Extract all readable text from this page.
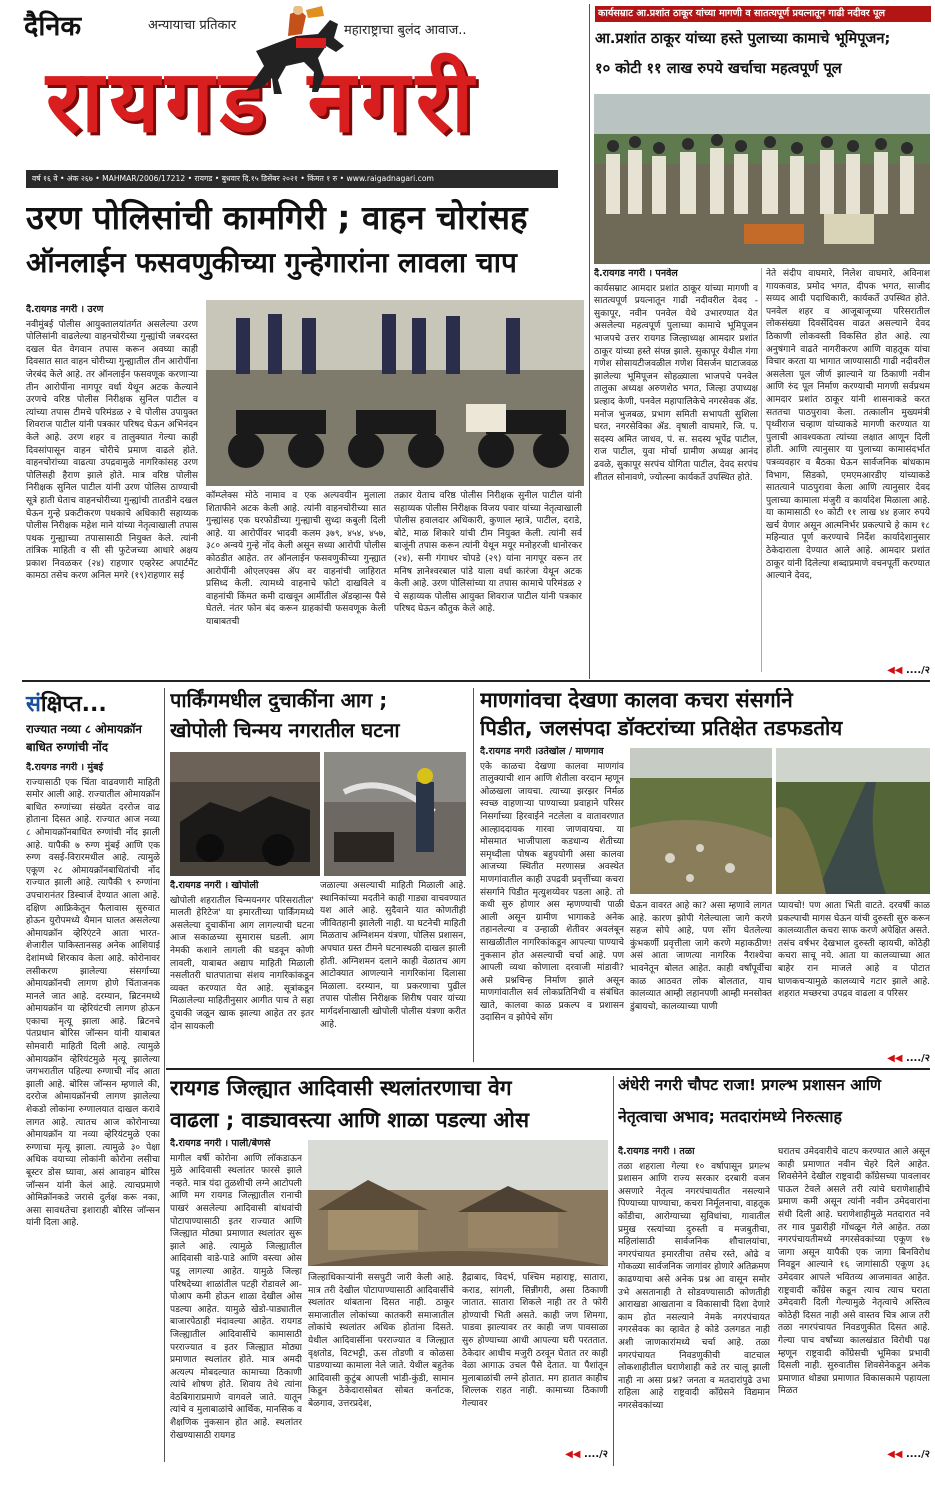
दैनिक	अन्यायाचा प्रतिकार	महाराष्ट्राचा बुलंद आवाज..
रायगड नगरी
वर्ष १६ वे • अंक २६७ • MAHMAR/2006/17212 • रायगड • बुधवार दि.१५ डिसेंबर २०२१ • किंमत १ रु • www.raigadnagari.com
कार्यसम्राट आ.प्रशांत ठाकूर यांच्या मागणी व सातत्यपूर्ण प्रयत्नातून गाढी नदीवर पूल
आ.प्रशांत ठाकूर यांच्या हस्ते पुलाच्या कामाचे भूमिपूजन;
१० कोटी ११ लाख रुपये खर्चाचा महत्वपूर्ण पूल
दै.रायगड नगरी । पनवेल
कार्यसम्राट आमदार प्रशांत ठाकूर यांच्या मागणी व सातत्यपूर्ण प्रयत्नातून गाढी नदीवरील देवद - सुकापूर, नवीन पनवेल येथे उभारण्यात येत असलेल्या महत्वपूर्ण पुलाच्या कामाचे भूमिपूजन भाजपचे उत्तर रायगड जिल्हाध्यक्ष आमदार प्रशांत ठाकूर यांच्या हस्ते संपन्न झाले. सुकापूर येथील गंगा गणेश सोसायटीजवळील गणेश विसर्जन घाटाजवळ झालेल्या भूमिपूजन सोहळ्याला भाजपचे पनवेल तालुका अध्यक्ष अरुणशेठ भगत, जिल्हा उपाध्यक्ष प्रल्हाद केणी, पनवेल महापालिकेचे नगरसेवक ॲड. मनोज भुजबळ, प्रभाग समिती सभापती सुशिला घरत, नगरसेविका ॲड. वृषाली वाघमारे, जि. प. सदस्य अमित जाधव, पं. स. सदस्य भूपेंद्र पाटील, राज पाटील, युवा मोर्चा ग्रामीण अध्यक्ष आनंद ढवळे, सुकापूर सरपंच योगिता पाटील, देवद सरपंच शीतल सोनावणे, ज्योत्स्ना कार्यकर्ते उपस्थित होते.
नेते संदीप वाघमारे, निलेश वाघमारे, अविनाश गायकवाड, प्रमोद भगत, दीपक भगत, साजीद सय्यद आदी पदाधिकारी, कार्यकर्ते उपस्थित होते. पनवेल शहर व आजूबाजूच्या परिसरातील लोकसंख्या दिवसेंदिवस वाढत असल्याने देवद ठिकाणी लोकवस्ती विकसित होत आहे. त्या अनुषंगाने वाढते नागरीकरण आणि वाहतूक यांचा विचार करता या भागात जाण्यासाठी गाढी नदीवरील असलेला पूल जीर्ण झाल्याने या ठिकाणी नवीन आणि रुंद पूल निर्माण करण्याची मागणी सर्वप्रथम आमदार प्रशांत ठाकूर यांनी शासनाकडे करत सततचा पाठपुरावा केला. तत्कालीन मुख्यमंत्री पृथ्वीराज चव्हाण यांच्याकडे मागणी करण्यात या पुलाची आवश्यकता त्यांच्या लक्षात आणून दिली होती. आणि त्यानुसार या पुलाच्या कामासंदर्भात पत्रव्यवहार व बैठका घेऊन सार्वजनिक बांधकाम विभाग, सिडको, एमएमआरडीए यांच्याकडे सातत्याने पाठपुरावा केला आणि त्यानुसार देवद पुलाच्या कामाला मंजुरी व कार्यादेश मिळाला आहे. या कामासाठी १० कोटी ११ लाख ४४ हजार रुपये खर्च येणार असून आत्मनिर्भर प्रकल्पाचे हे काम १८ महिन्यात पूर्ण करण्याचे निर्देश कार्यादेशानुसार ठेकेदाराला देण्यात आले आहे. आमदार प्रशांत ठाकूर यांनी दिलेल्या शब्दाप्रमाणे वचनपूर्ती करण्यात आल्याने देवद,
◀◀ ..../२
उरण पोलिसांची कामगिरी ; वाहन चोरांसह
ऑनलाईन फसवणुकीच्या गुन्हेगारांना लावला चाप
दै.रायगड नगरी । उरण
नवीमुंबई पोलीस आयुक्तालयांतर्गत असलेल्या उरण पोलिसांनी वाढलेल्या वाहनचोरीच्या गुन्ह्यांची जबरदस्त दखल घेत वेगवान तपास करून अवघ्या काही दिवसात सात वाहन चोरीच्या गुन्ह्यातील तीन आरोपींना जेरबंद केले आहे. तर ऑनलाईन फसवणूक करणाऱ्या तीन आरोपींना नागपूर वर्धा येथून अटक केल्याने उरणचे वरिष्ठ पोलीस निरीक्षक सुनिल पाटील व त्यांच्या तपास टीमचे परिमंडळ २ चे पोलीस उपायुक्त शिवराज पाटील यांनी पत्रकार परिषद घेऊन अभिनंदन केले आहे. उरण शहर व तालुक्यात गेल्या काही दिवसांपासून वाहन चोरीचे प्रमाण वाढले होते. वाहनचोरांच्या वाढत्या उपद्रवामुळे नागरिकांसह उरण पोलिसही हैराण झाले होते. मात्र वरिष्ठ पोलीस निरीक्षक सुनिल पाटील यांनी उरण पोलिस ठाण्याची सूत्रे हाती घेताच वाहनचोरीच्या गुन्ह्यांची तातडीने दखल घेऊन गुन्हे प्रकटीकरण पथकाचे अधिकारी सहाय्यक पोलीस निरीक्षक महेश माने यांच्या नेतृत्वाखाली तपास पथक गुन्ह्याच्या तपासासाठी नियुक्त केले. त्यांनी तांत्रिक माहिती व सी सी फुटेजच्या आधारे अक्षय प्रकाश निवळकर (२४) राहणार एव्हरेस्ट अपार्टमेंट कामठा तसेच करण अनिल मगरे (१९)राहणार सई
कॉम्प्लेक्स मोठे नामाव व एक अल्पवयीन मुलाला शिताफीने अटक केली आहे. त्यांनी वाहनचोरीच्या सात गुन्ह्यांसह एक घरफोडीच्या गुन्ह्याची सुध्दा कबुली दिली आहे. या आरोपींवर भादवी कलम ३७९, ४५४, ४५७, ३८० अन्वये गुन्हे नोंद केली असून सध्या आरोपी पोलीस कोठडीत आहेत. तर ऑनलाईन फसवणुकीच्या गुन्ह्यात आरोपींनी ओएलएक्स ॲप वर वाहनांची जाहिरात प्रसिध्द केली. त्यामध्ये वाहनाचे फोटो दाखविले व वाहनांची किंमत कमी दाखवून आर्मीतील ॲडव्हान्स पैसे घेतले. नंतर फोन बंद करून ग्राहकांची फसवणूक केली याबाबतची
तक्रार येताच वरिष्ठ पोलीस निरीक्षक सुनील पाटील यांनी सहाय्यक पोलीस निरीक्षक विजय पवार यांच्या नेतृत्वाखाली पोलीस हवालदार अधिकारी, कुणाल म्हात्रे, पाटील, दराडे, बोटे, माळ शिकारे यांची टीम नियुक्त केली. त्यांनी सर्व बाजूंनी तपास करून त्यांनी येथून मयूर मनोहरजी धानोरकर (२४), सनी गंगाधर चोपडे (२९) यांना नागपूर वरून तर मनिष ज्ञानेश्वरबाल पांडे याला वर्धा कारंजा येथून अटक केली आहे. उरण पोलिसांच्या या तपास कामाचे परिमंडळ २ चे सहाय्यक पोलीस आयुक्त शिवराज पाटील यांनी पत्रकार परिषद घेऊन कौतुक केले आहे.
संक्षिप्त...
राज्यात नव्या ८ ओमायक्रॉन बाधित रुग्णांची नोंद
दै.रायगड नगरी । मुंबई
राज्यासाठी एक चिंता वाढवणारी माहिती समोर आली आहे. राज्यातील ओमायक्रॉन बाधित रुग्णांच्या संख्येत दररोज वाढ होताना दिसत आहे. राज्यात आज नव्या ८ ओमायक्रॉनबाधित रुग्णांची नोंद झाली आहे. यापैकी ७ रुग्ण मुंबई आणि एक रुग्ण वसई-विरारमधील आहे. त्यामुळे एकूण २८ ओमायक्रॉनबाधितांची नोंद राज्यात झाली आहे. त्यापैकी ९ रुग्णांना उपचारानंतर डिस्चार्ज देण्यात आला आहे. दक्षिण आफ्रिकेतून फैलावास सुरुवात होऊन युरोपमध्ये थैमान घालत असलेल्या ओमायक्रॉन व्हेरिएंटने आता भारत-शेजारील पाकिस्तानसह अनेक आशियाई देशांमध्ये शिरकाव केला आहे. कोरोनावर लसीकरण झालेल्या संसर्गाच्या ओमायक्रॉनची लागण होणे चिंताजनक मानले जात आहे. दरम्यान, ब्रिटनमध्ये ओमायक्रॉन या व्हेरियंटची लागण होऊन एकाचा मृत्यू झाला आहे. ब्रिटनचे पंतप्रधान बोरिस जॉन्सन यांनी याबाबत सोमवारी माहिती दिली आहे. त्यामुळे ओमायक्रॉन व्हेरियंटमुळे मृत्यू झालेल्या जगभरातील पहिल्या रुग्णाची नोंद आता झाली आहे. बोरिस जॉन्सन म्हणाले की, दररोज ओमायक्रॉनची लागण झालेल्या शेकडो लोकांना रुग्णालयात दाखल करावे लागत आहे. त्यातच आज कोरोनाच्या ओमायक्रॉन या नव्या व्हेरियंटमुळे एका रुग्णाचा मृत्यू झाला. त्यामुळे ३० पेक्षा अधिक वयाच्या लोकांनी कोरोना लसीचा बूस्टर डोस घ्यावा, असं आवाहन बोरिस जॉन्सन यांनी केलं आहे. त्याचप्रमाणे ओमिक्रॉनकडे जरासे दुर्लक्ष करू नका, असा सावधतेचा इशाराही बोरिस जॉन्सन यांनी दिला आहे.
पार्किंगमधील दुचाकींना आग ;
खोपोली चिन्मय नगरातील घटना
दै.रायगड नगरी । खोपोली
खोपोली शहरातील चिन्मयनगर परिसरातील' मालती हेरिटेज' या इमारतीच्या पार्किंगमध्ये असलेल्या दुचाकींना आग लागल्याची घटना आज सकाळच्या सुमारास घडली. आग नेमकी कशाने लागली की घडवून कोणी लावली, याबाबत अद्याप माहिती मिळाली नसलीतरी घातपाताचा संशय नागरिकांकडून व्यक्त करण्यात येत आहे. सूत्रांकडून मिळालेल्या माहितीनुसार आगीत पाच ते सहा दुचाकी जळून खाक झाल्या आहेत तर इतर दोन सायकली
जळाल्या असल्याची माहिती मिळाली आहे. स्थानिकांच्या मदतीने काही गाड्या वाचवण्यात यश आले आहे. सुदैवाने यात कोणतीही जीवितहानी झालेली नाही. या घटनेची माहिती मिळताच अग्निशमन यंत्रणा, पोलिस प्रशासन, अपघात ग्रस्त टीमने घटनास्थळी दाखल झाली होती. अग्निशमन दलाने काही वेळातच आग आटोक्यात आणल्याने नागरिकांना दिलासा मिळाला. दरम्यान, या प्रकरणाचा पुढील तपास पोलीस निरीक्षक शिरीष पवार यांच्या मार्गदर्शनाखाली खोपोली पोलीस यंत्रणा करीत आहे.
माणगांवचा देखणा कालवा कचरा संसर्गाने
पिडीत, जलसंपदा डॉक्टरांच्या प्रतिक्षेत तडफडतोय
दै.रायगड नगरी ।उतेखोल / माणगाव
एके काळचा देखणा कालवा माणगांव तालुक्याची शान आणि शेतीला वरदान म्हणून ओळखला जायचा. त्याच्या झरझर निर्मळ स्वच्छ वाहणाऱ्या पाण्याच्या प्रवाहाने परिसर निसर्गाच्या हिरवाईने नटलेला व वातावरणात आल्हाददायक गारवा जाणवायचा. या मोसमात भाजीपाला कडधान्य शेतीच्या समृध्दीला पोषक बहुपयोगी असा कालवा आजच्या स्थितीत मरणासन्न अवस्थेत माणगांवातील काही उपद्रवी प्रवृत्तींच्या कचरा संसर्गाने पिडीत मृत्युशय्येवर पडला आहे. तो कधी सुरु होणार अस म्हणण्याची पाळी आली असून ग्रामीण भागाकडे अनेक तहानलेल्या व उन्हाळी शेतीवर अवलंबून साखळीतील नागरिकांकडून आपल्या पाण्याचे नुकसान होत असल्याची चर्चा आहे. पण आपली व्यथा कोणाला दरवाजी मांडावी? असे प्रश्नचिन्ह निर्माण झाले असून माणगांवातील सर्व लोकप्रतिनिधी व संबंधित खाते, कालवा काळ प्रकल्प व प्रशासन उदासिन व झोपेचे सोंग
घेऊन वावरत आहे का? असा म्हणावे लागत आहे. कारण झोपी गेलेल्याला जागे करणे सहज सोपे आहे, पण सोंग घेतलेल्या कुंभकर्णी प्रवृत्तीला जागे करणे महाकठीण! असं आता जाणत्या नागरिक नैराश्येचा भावनेतून बोलत आहेत. काही वर्षांपूर्वीचा काळ आठवत लोक बोलतात, याच कालव्यात आम्ही लहानपणी आम्ही मनसोक्त डुंबायचो, कालव्याच्या पाणी
प्यायचो! पण आता भिती वाटते. दरवर्षी काळ प्रकल्पाची मागस घेऊन यांची दुरुस्ती सुरु करून कालव्यातील कचरा साफ करणे अपेक्षित असते. तसंच वर्षभर देखभाल दुरुस्ती व्हायची, कोठेही कचरा साचू नये. आता या कालव्याच्या आत बाहेर रान माजले आहे व पोटात घाणकचऱ्यामुळे कालव्याचे गटार झाले आहे. शहरात मच्छरचा उपद्रव वाढला व परिसर
◀◀ ..../२
रायगड जिल्ह्यात आदिवासी स्थलांतरणाचा वेग
वाढला ; वाड्यावस्त्या आणि शाळा पडल्या ओस
दै.रायगड नगरी । पाली/बेणसे
मागील वर्षी कोरोना आणि लॉकडाऊन मुळे आदिवासी स्थलांतर फारसे झाले नव्हते. मात्र यंदा तुळशीची लग्ने आटोपली आणि मग रायगड जिल्ह्यातील रानाची पाखरं असलेल्या आदिवासी बांधवांची पोटापाण्यासाठी इतर राज्यात आणि जिल्ह्यात मोठ्या प्रमाणात स्थलांतर सुरू झाले आहे. त्यामुळे जिल्ह्यातील आदिवासी वाडे-पाडे आणि वस्त्या ओस पडू लागल्या आहेत. यामुळे जिल्हा परिषदेच्या शाळांतील पटही रोडावले आ-पोआप कमी होऊन शाळा देखील ओस पडल्या आहेत. यामुळे खेडो-पाड्यातील बाजारपेठाही मंदावल्या आहेत. रायगड जिल्ह्यातील आदिवासींचे कामासाठी परराज्यात व इतर जिल्ह्यात मोठ्या प्रमाणात स्थलांतर होते. मात्र अमदी अत्यल्प मोबदल्यात कामाच्या ठिकाणी त्यांचे शोषण होते. शिवाय तेथे त्यांना वेठबिगाराप्रमाणे वागवले जाते. यातून त्यांचे व मुलाबाळांचे आर्थिक, मानसिक व शैक्षणिक नुकसान होत आहे. स्थलांतर रोखण्यासाठी रायगड
जिल्हाधिकाऱ्यांनी ससपुटी जारी केली आहे. मात्र तरी देखील पोटापाण्यासाठी आदिवासींचे स्थलांतर थांबताना दिसत नाही. ठाकूर समाजातील लोकांच्या कातकरी समाजातील लोकांचे स्थलांतर अधिक होतांना दिसते. येथील आदिवासींना परराज्यात व जिल्ह्यात वृक्षतोड, विटभट्टी, ऊस तोडणी व कोळसा पाडण्याच्या कामाला नेले जाते. येथील बहुतेक आदिवासी कुटुंब आपली भांडी-कुंडी, सामान किडून ठेकेदारासोबत सोबत कर्नाटक, बेळगाव, उत्तरप्रदेश,
हैद्राबाद, विदर्भ, पश्चिम महाराष्ट्र, सातारा, कराड, सांगली, सिन्नीगरी, असा ठिकाणी जातात. सातारा शिकले नाही तर ते फोरी होण्याची भिती असते. काही जण शिमगा, पाडवा झाल्यावर तर काही जण पावसाळा सुरु होण्याच्या आधी आपल्या घरी परततात. ठेकेदार आधीच मजुरी ठरवून घेतात तर काही वेळा आगाऊ उचल पैसे देतात. या पैशांतून मुलाबाळांची लग्ने होतात. मग हातात काहीच शिल्लक राहत नाही. कामाच्या ठिकाणी गेल्यावर
◀◀ ..../२
अंधेरी नगरी चौपट राजा! प्रगल्भ प्रशासन आणि
नेतृत्वाचा अभाव; मतदारांमध्ये निरुत्साह
दै.रायगड नगरी । तळा
तळा शहराला गेल्या १० वर्षापासून प्रगल्भ प्रशासन आणि राज्य सरकार दरबारी वजन असणारे नेतृत्व नगरपंचायतीत नसल्याने पिण्याच्या पाण्याचा, कचरा निर्मूलनाचा, वाहतूक कोंडीचा, आरोग्याच्या सुविधांचा, गावातील प्रमुख रस्त्यांच्या दुरुस्ती व मजबुतीचा, महिलांसाठी सार्वजनिक शौचालयांचा, नगरपंचायत इमारतीचा तसेच रस्ते, ओढे व गोकळ्या सार्वजनिक जागांवर होणारे अतिक्रमण काढण्याचा असे अनेक प्रश्न आ वासून समोर उभे असतानाही ते सोडवण्यासाठी कोणतीही आराखडा आखताना व विकासाची दिशा देणारे काम होत नसल्याने नेमके नगरपंचायत नगरसेवक का व्हावेत हे कोडे उलगडत नाही अशी जाणकारांमध्ये चर्चा आहे. तळा नगरपंचायत निवडणुकीची वाटचाल लोकशाहीतील घराणेशाही कडे तर चालू झाली नाही ना असा प्रश्न? जनता व मतदारांपुढे उभा राहिला आहे राष्ट्रवादी कॉंग्रेसने विद्यमान नगरसेवकांच्या
घरातच उमेदवारीचे वाटप करण्यात आले असून काही प्रमाणात नवीन चेहरे दिले आहेत. शिवसेनेने देखील राष्ट्रवादी कॉंग्रेसच्या पावलावर पाऊल टेवले असले तरी त्यांचे घराणेशाहीचे प्रमाण कमी असून त्यांनी नवीन उमेदवारांना संधी दिली आहे. घराणेशाहीमुळे मतदारात नवे तर गाव पुढारीही गोंधळून गेले आहेत. तळा नगरपंचायतीमध्ये नगरसेवकांच्या एकूण १७ जागा असून यापैकी एक जागा बिनविरोध निवडून आल्याने १६ जागांसाठी एकूण ३६ उमेदवार आपले भवितव्य आजमावत आहेत. राष्ट्रवादी कॉंग्रेस कडून त्याच त्याच घराता उमेदवारी दिली गेल्यामुळे नेतृत्वाचे अस्तित्व कोठेही दिसत नाही असे वास्तव चित्र आज तरी तळा नगरपंचायत निवडणुकीत दिसत आहे. गेल्या पाच वर्षांच्या कालखंडात विरोधी पक्ष म्हणून राष्ट्रवादी कॉंग्रेसची भूमिका प्रभावी दिसली नाही. सुरुवातीस शिवसेनेकडून अनेक प्रमाणात थोड्या प्रमाणात विकासकामे पहायला मिळत
◀◀ ..../२
